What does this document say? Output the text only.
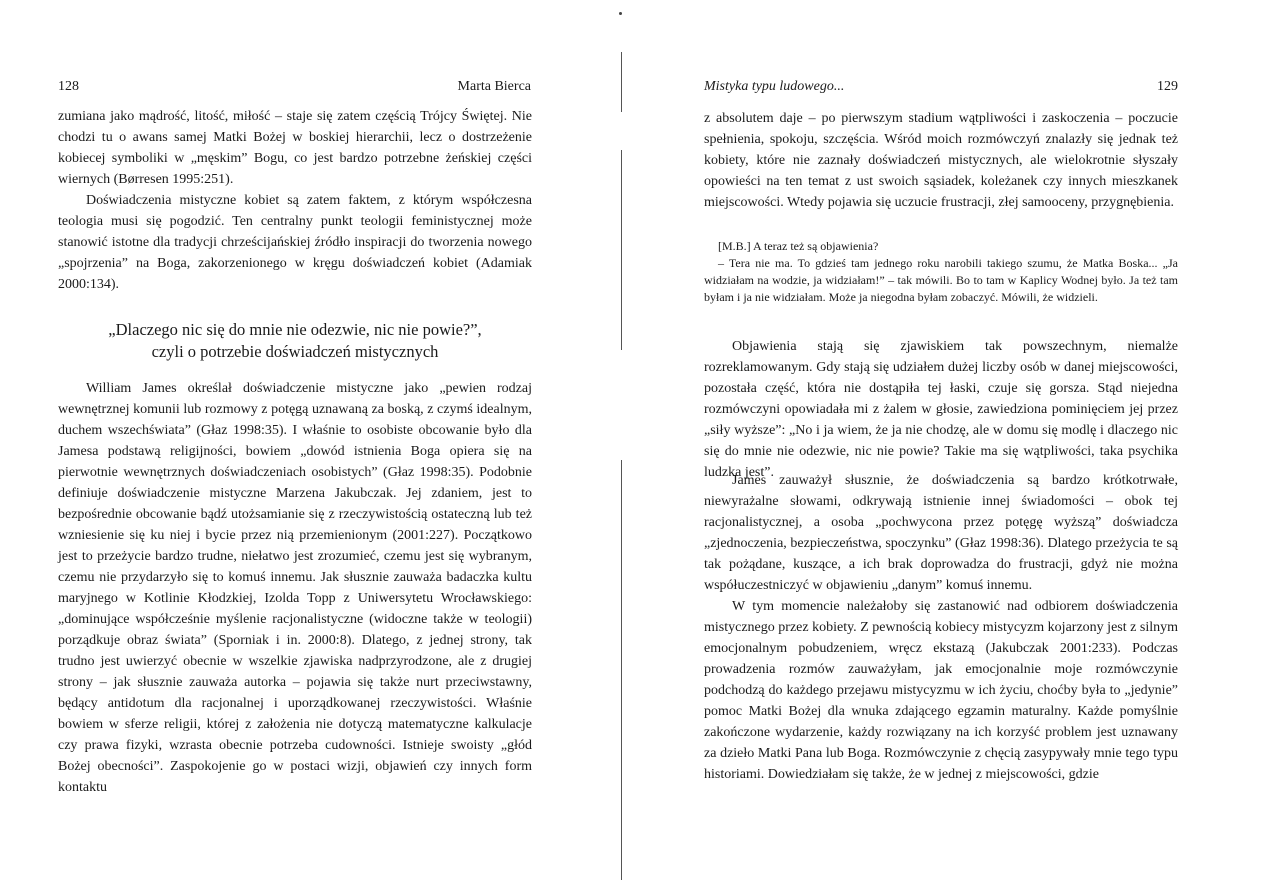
128	Marta Bierca

zumiana jako mądrość, litość, miłość – staje się zatem częścią Trójcy Świętej. Nie chodzi tu o awans samej Matki Bożej w boskiej hierarchii, lecz o dostrzeżenie kobiecej symboliki w „męskim” Bogu, co jest bardzo potrzebne żeńskiej części wiernych (Børresen 1995:251).

Doświadczenia mistyczne kobiet są zatem faktem, z którym współczesna teologia musi się pogodzić. Ten centralny punkt teologii feministycznej może stanowić istotne dla tradycji chrześcijańskiej źródło inspiracji do tworzenia nowego „spojrzenia” na Boga, zakorzenionego w kręgu doświadczeń kobiet (Adamiak 2000:134).

„Dlaczego nic się do mnie nie odezwie, nic nie powie?”,
czyli o potrzebie doświadczeń mistycznych

William James określał doświadczenie mistyczne jako „pewien rodzaj wewnętrznej komunii lub rozmowy z potęgą uznawaną za boską, z czymś idealnym, duchem wszechświata” (Głaz 1998:35). I właśnie to osobiste obcowanie było dla Jamesa podstawą religijności, bowiem „dowód istnienia Boga opiera się na pierwotnie wewnętrznych doświadczeniach osobistych” (Głaz 1998:35). Podobnie definiuje doświadczenie mistyczne Marzena Jakubczak. Jej zdaniem, jest to bezpośrednie obcowanie bądź utożsamianie się z rzeczywistością ostateczną lub też wzniesienie się ku niej i bycie przez nią przemienionym (2001:227). Początkowo jest to przeżycie bardzo trudne, niełatwo jest zrozumieć, czemu jest się wybranym, czemu nie przydarzyło się to komuś innemu. Jak słusznie zauważa badaczka kultu maryjnego w Kotlinie Kłodzkiej, Izolda Topp z Uniwersytetu Wrocławskiego: „dominujące współcześnie myślenie racjonalistyczne (widoczne także w teologii) porządkuje obraz świata” (Sporniak i in. 2000:8). Dlatego, z jednej strony, tak trudno jest uwierzyć obecnie w wszelkie zjawiska nadprzyrodzone, ale z drugiej strony – jak słusznie zauważa autorka – pojawia się także nurt przeciwstawny, będący antidotum dla racjonalnej i uporządkowanej rzeczywistości. Właśnie bowiem w sferze religii, której z założenia nie dotyczą matematyczne kalkulacje czy prawa fizyki, wzrasta obecnie potrzeba cudowności. Istnieje swoisty „głód Bożej obecności”. Zaspokojenie go w postaci wizji, objawień czy innych form kontaktu

Mistyka typu ludowego...	129

z absolutem daje – po pierwszym stadium wątpliwości i zaskoczenia – poczucie spełnienia, spokoju, szczęścia. Wśród moich rozmówczyń znalazły się jednak też kobiety, które nie zaznały doświadczeń mistycznych, ale wielokrotnie słyszały opowieści na ten temat z ust swoich sąsiadek, koleżanek czy innych mieszkanek miejscowości. Wtedy pojawia się uczucie frustracji, złej samooceny, przygnębienia.

[M.B.] A teraz też są objawienia?

– Tera nie ma. To gdzieś tam jednego roku narobili takiego szumu, że Matka Boska... „Ja widziałam na wodzie, ja widziałam!” – tak mówili. Bo to tam w Kaplicy Wodnej było. Ja też tam byłam i ja nie widziałam. Może ja niegodna byłam zobaczyć. Mówili, że widzieli.

Objawienia stają się zjawiskiem tak powszechnym, niemalże rozreklamowanym. Gdy stają się udziałem dużej liczby osób w danej miejscowości, pozostała część, która nie dostąpiła tej łaski, czuje się gorsza. Stąd niejedna rozmówczyni opowiadała mi z żalem w głosie, zawiedziona pominięciem jej przez „siły wyższe”: „No i ja wiem, że ja nie chodzę, ale w domu się modlę i dlaczego nic się do mnie nie odezwie, nic nie powie? Takie ma się wątpliwości, taka psychika ludzka jest”.

James zauważył słusznie, że doświadczenia są bardzo krótkotrwałe, niewyrażalne słowami, odkrywają istnienie innej świadomości – obok tej racjonalistycznej, a osoba „pochwycona przez potęgę wyższą” doświadcza „zjednoczenia, bezpieczeństwa, spoczynku” (Głaz 1998:36). Dlatego przeżycia te są tak pożądane, kuszące, a ich brak doprowadza do frustracji, gdyż nie można współuczestniczyć w objawieniu „danym” komuś innemu.

W tym momencie należałoby się zastanowić nad odbiorem doświadczenia mistycznego przez kobiety. Z pewnością kobiecy mistycyzm kojarzony jest z silnym emocjonalnym pobudzeniem, wręcz ekstazą (Jakubczak 2001:233). Podczas prowadzenia rozmów zauważyłam, jak emocjonalnie moje rozmówczynie podchodzą do każdego przejawu mistycyzmu w ich życiu, choćby była to „jedynie” pomoc Matki Bożej dla wnuka zdającego egzamin maturalny. Każde pomyślnie zakończone wydarzenie, każdy rozwiązany na ich korzyść problem jest uznawany za dzieło Matki Pana lub Boga. Rozmówczynie z chęcią zasypywały mnie tego typu historiami. Dowiedziałam się także, że w jednej z miejscowości, gdzie
